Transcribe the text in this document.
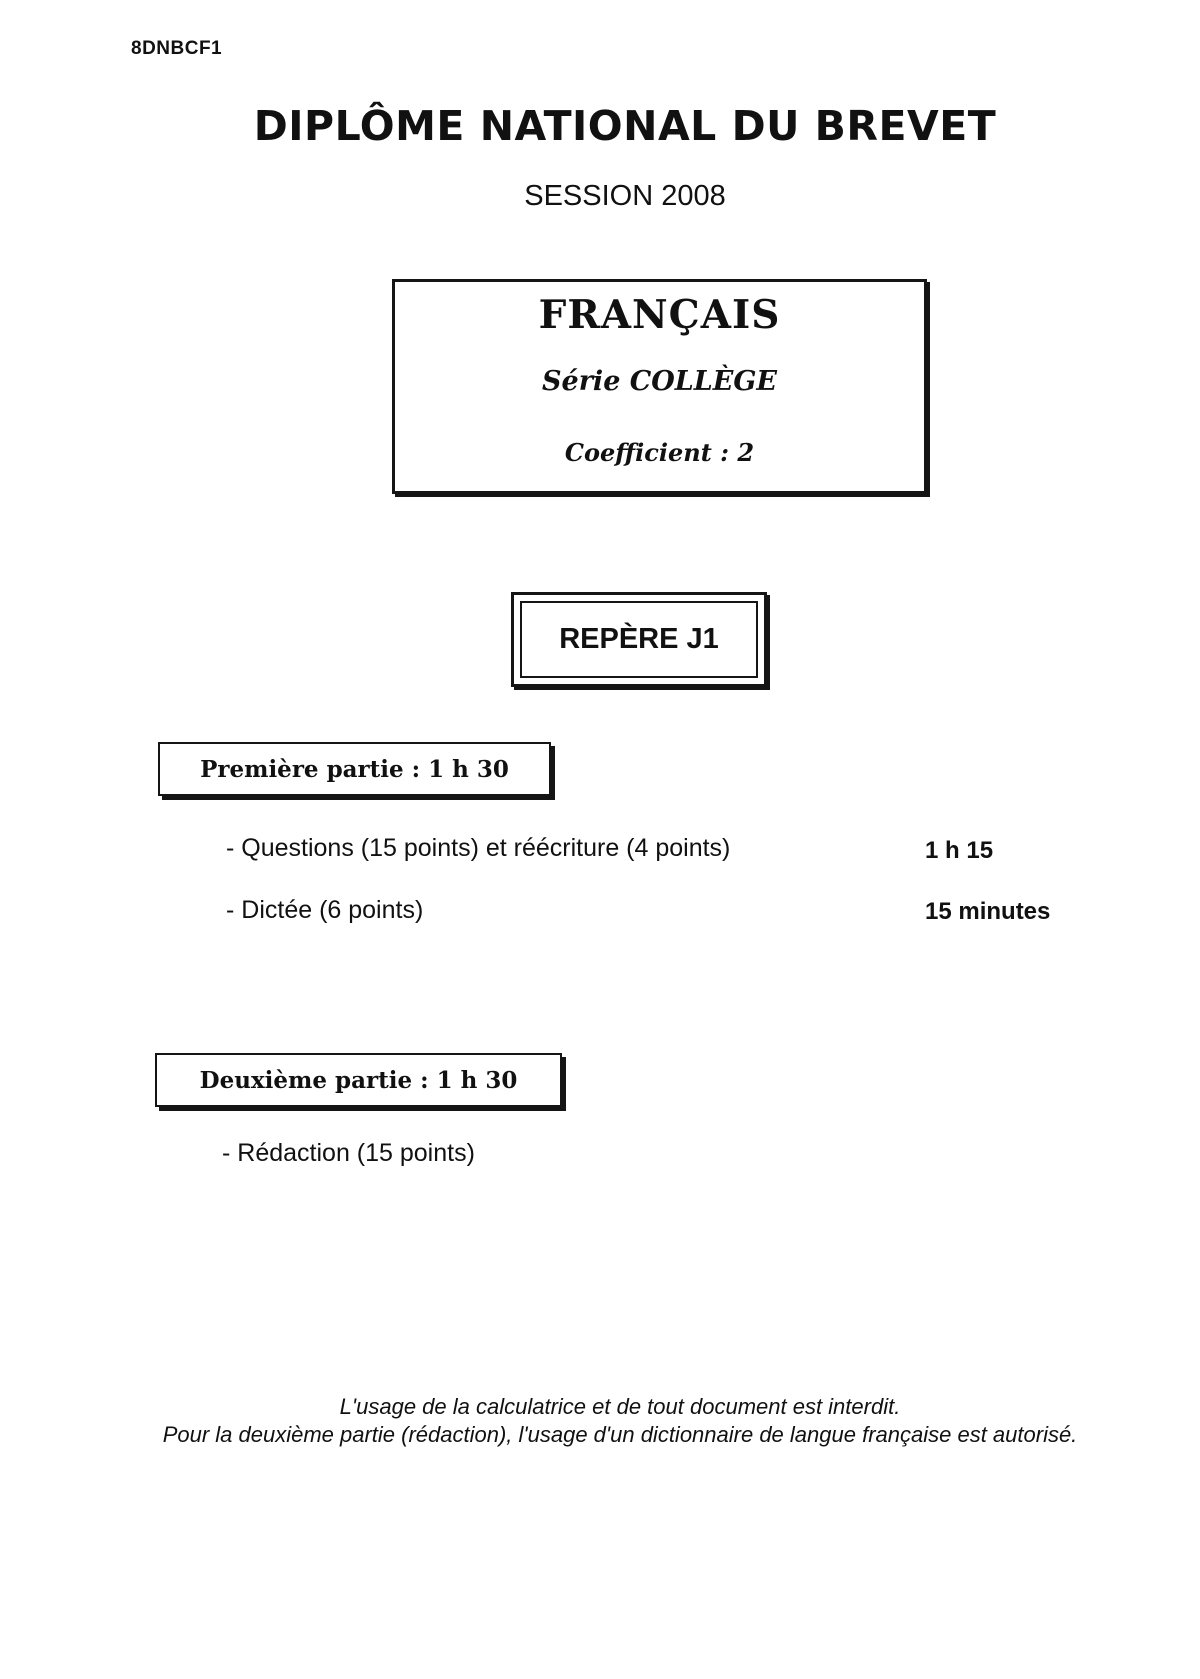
8DNBCF1
DIPLÔME NATIONAL DU BREVET
SESSION 2008
FRANÇAIS
Série COLLÈGE
Coefficient : 2
REPÈRE J1
Première partie : 1 h 30
- Questions (15 points) et réécriture (4 points)	1 h 15
- Dictée (6 points)	15 minutes
Deuxième partie : 1 h 30
- Rédaction (15 points)
L'usage de la calculatrice et de tout document est interdit.
Pour la deuxième partie (rédaction), l'usage d'un dictionnaire de langue française est autorisé.
